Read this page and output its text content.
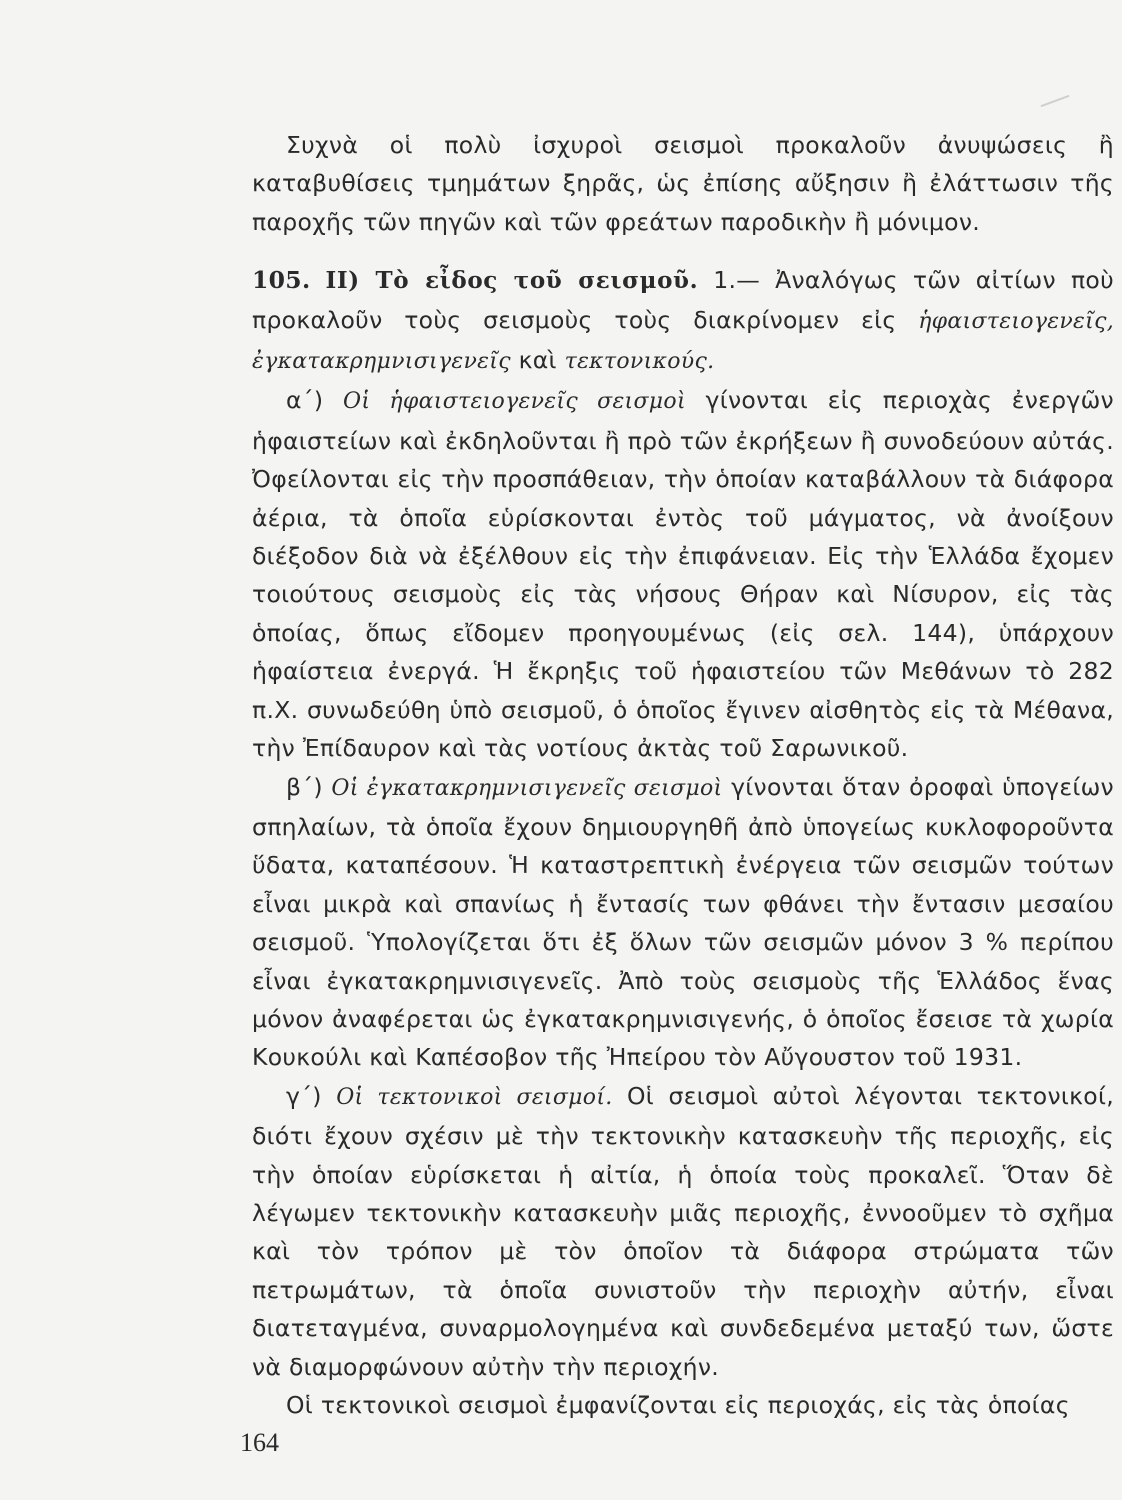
Συχνὰ οἱ πολὺ ἰσχυροὶ σεισμοὶ προκαλοῦν ἀνυψώσεις ἢ καταβυθίσεις τμημάτων ξηρᾶς, ὡς ἐπίσης αὔξησιν ἢ ἐλάττωσιν τῆς παροχῆς τῶν πηγῶν καὶ τῶν φρεάτων παροδικὴν ἢ μόνιμον.

105. II) Τὸ εἶδος τοῦ σεισμοῦ. 1.— Ἀναλόγως τῶν αἰτίων ποὺ προκαλοῦν τοὺς σεισμοὺς τοὺς διακρίνομεν εἰς ἡφαιστειογενεῖς, ἐγκατακρημνισιγενεῖς καὶ τεκτονικούς.

α΄) Οἱ ἡφαιστειογενεῖς σεισμοὶ γίνονται εἰς περιοχὰς ἐνεργῶν ἡφαιστείων καὶ ἐκδηλοῦνται ἢ πρὸ τῶν ἐκρήξεων ἢ συνοδεύουν αὐτάς. Ὀφείλονται εἰς τὴν προσπάθειαν, τὴν ὁποίαν καταβάλλουν τὰ διάφορα ἀέρια, τὰ ὁποῖα εὑρίσκονται ἐντὸς τοῦ μάγματος, νὰ ἀνοίξουν διέξοδον διὰ νὰ ἐξέλθουν εἰς τὴν ἐπιφάνειαν. Εἰς τὴν Ἑλλάδα ἔχομεν τοιούτους σεισμοὺς εἰς τὰς νήσους Θήραν καὶ Νίσυρον, εἰς τὰς ὁποίας, ὅπως εἴδομεν προηγουμένως (εἰς σελ. 144), ὑπάρχουν ἡφαίστεια ἐνεργά. Ἡ ἔκρηξις τοῦ ἡφαιστείου τῶν Μεθάνων τὸ 282 π.Χ. συνωδεύθη ὑπὸ σεισμοῦ, ὁ ὁποῖος ἔγινεν αἰσθητὸς εἰς τὰ Μέθανα, τὴν Ἐπίδαυρον καὶ τὰς νοτίους ἀκτὰς τοῦ Σαρωνικοῦ.

β΄) Οἱ ἐγκατακρημνισιγενεῖς σεισμοὶ γίνονται ὅταν ὀροφαὶ ὑπογείων σπηλαίων, τὰ ὁποῖα ἔχουν δημιουργηθῆ ἀπὸ ὑπογείως κυκλοφοροῦντα ὕδατα, καταπέσουν. Ἡ καταστρεπτικὴ ἐνέργεια τῶν σεισμῶν τούτων εἶναι μικρὰ καὶ σπανίως ἡ ἔντασίς των φθάνει τὴν ἔντασιν μεσαίου σεισμοῦ. Ὑπολογίζεται ὅτι ἐξ ὅλων τῶν σεισμῶν μόνον 3 % περίπου εἶναι ἐγκατακρημνισιγενεῖς. Ἀπὸ τοὺς σεισμοὺς τῆς Ἑλλάδος ἕνας μόνον ἀναφέρεται ὡς ἐγκατακρημνισιγενής, ὁ ὁποῖος ἔσεισε τὰ χωρία Κουκούλι καὶ Καπέσοβον τῆς Ἠπείρου τὸν Αὔγουστον τοῦ 1931.

γ΄) Οἱ τεκτονικοὶ σεισμοί. Οἱ σεισμοὶ αὐτοὶ λέγονται τεκτονικοί, διότι ἔχουν σχέσιν μὲ τὴν τεκτονικὴν κατασκευὴν τῆς περιοχῆς, εἰς τὴν ὁποίαν εὑρίσκεται ἡ αἰτία, ἡ ὁποία τοὺς προκαλεῖ. Ὅταν δὲ λέγωμεν τεκτονικὴν κατασκευὴν μιᾶς περιοχῆς, ἐννοοῦμεν τὸ σχῆμα καὶ τὸν τρόπον μὲ τὸν ὁποῖον τὰ διάφορα στρώματα τῶν πετρωμάτων, τὰ ὁποῖα συνιστοῦν τὴν περιοχὴν αὐτήν, εἶναι διατεταγμένα, συναρμολογημένα καὶ συνδεδεμένα μεταξύ των, ὥστε νὰ διαμορφώνουν αὐτὴν τὴν περιοχήν.

Οἱ τεκτονικοὶ σεισμοὶ ἐμφανίζονται εἰς περιοχάς, εἰς τὰς ὁποίας

164
